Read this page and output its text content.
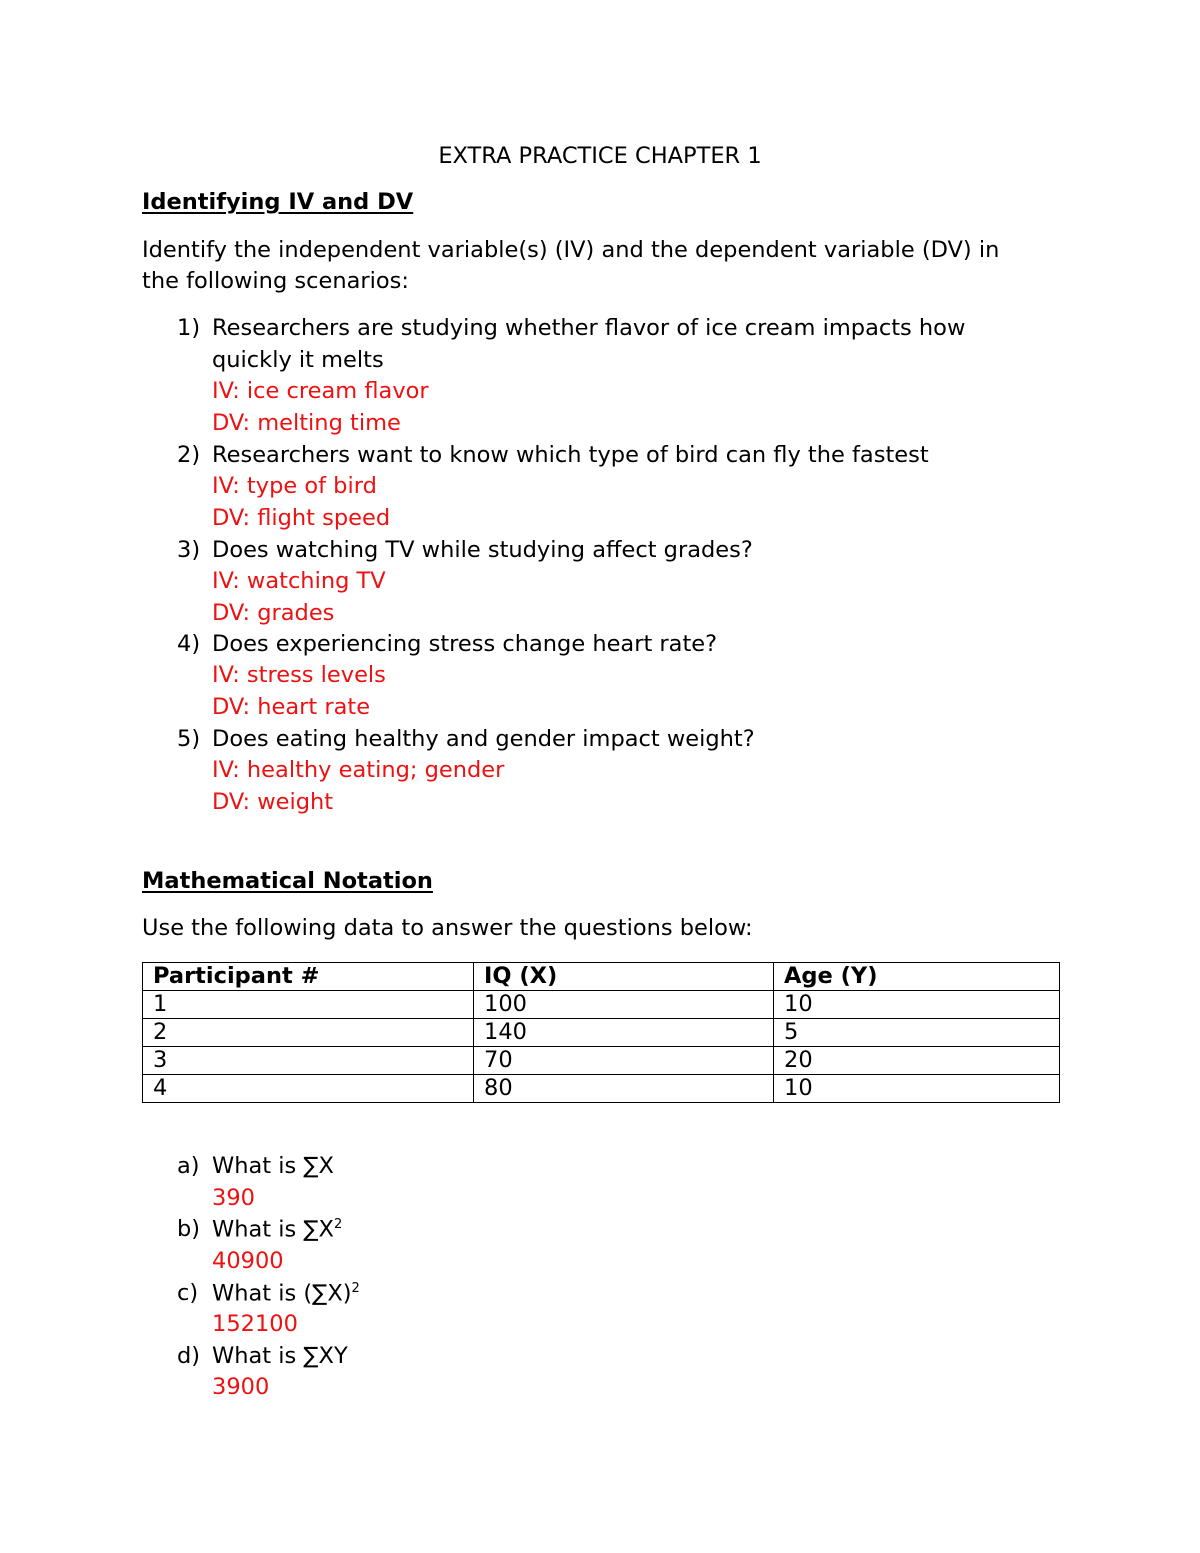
EXTRA PRACTICE CHAPTER 1
Identifying IV and DV
Identify the independent variable(s) (IV) and the dependent variable (DV) in
the following scenarios:
1) Researchers are studying whether flavor of ice cream impacts how
quickly it melts
IV: ice cream flavor
DV: melting time
2) Researchers want to know which type of bird can fly the fastest
IV: type of bird
DV: flight speed
3) Does watching TV while studying affect grades?
IV: watching TV
DV: grades
4) Does experiencing stress change heart rate?
IV: stress levels
DV: heart rate
5) Does eating healthy and gender impact weight?
IV: healthy eating; gender
DV: weight
Mathematical Notation
Use the following data to answer the questions below:
Participant #	IQ (X)	Age (Y)
1	100	10
2	140	5
3	70	20
4	80	10
a) What is ∑X
390
b) What is $\sum X^2$
40900
c) What is $(\sum X)^2$
152100
d) What is ∑XY
3900
